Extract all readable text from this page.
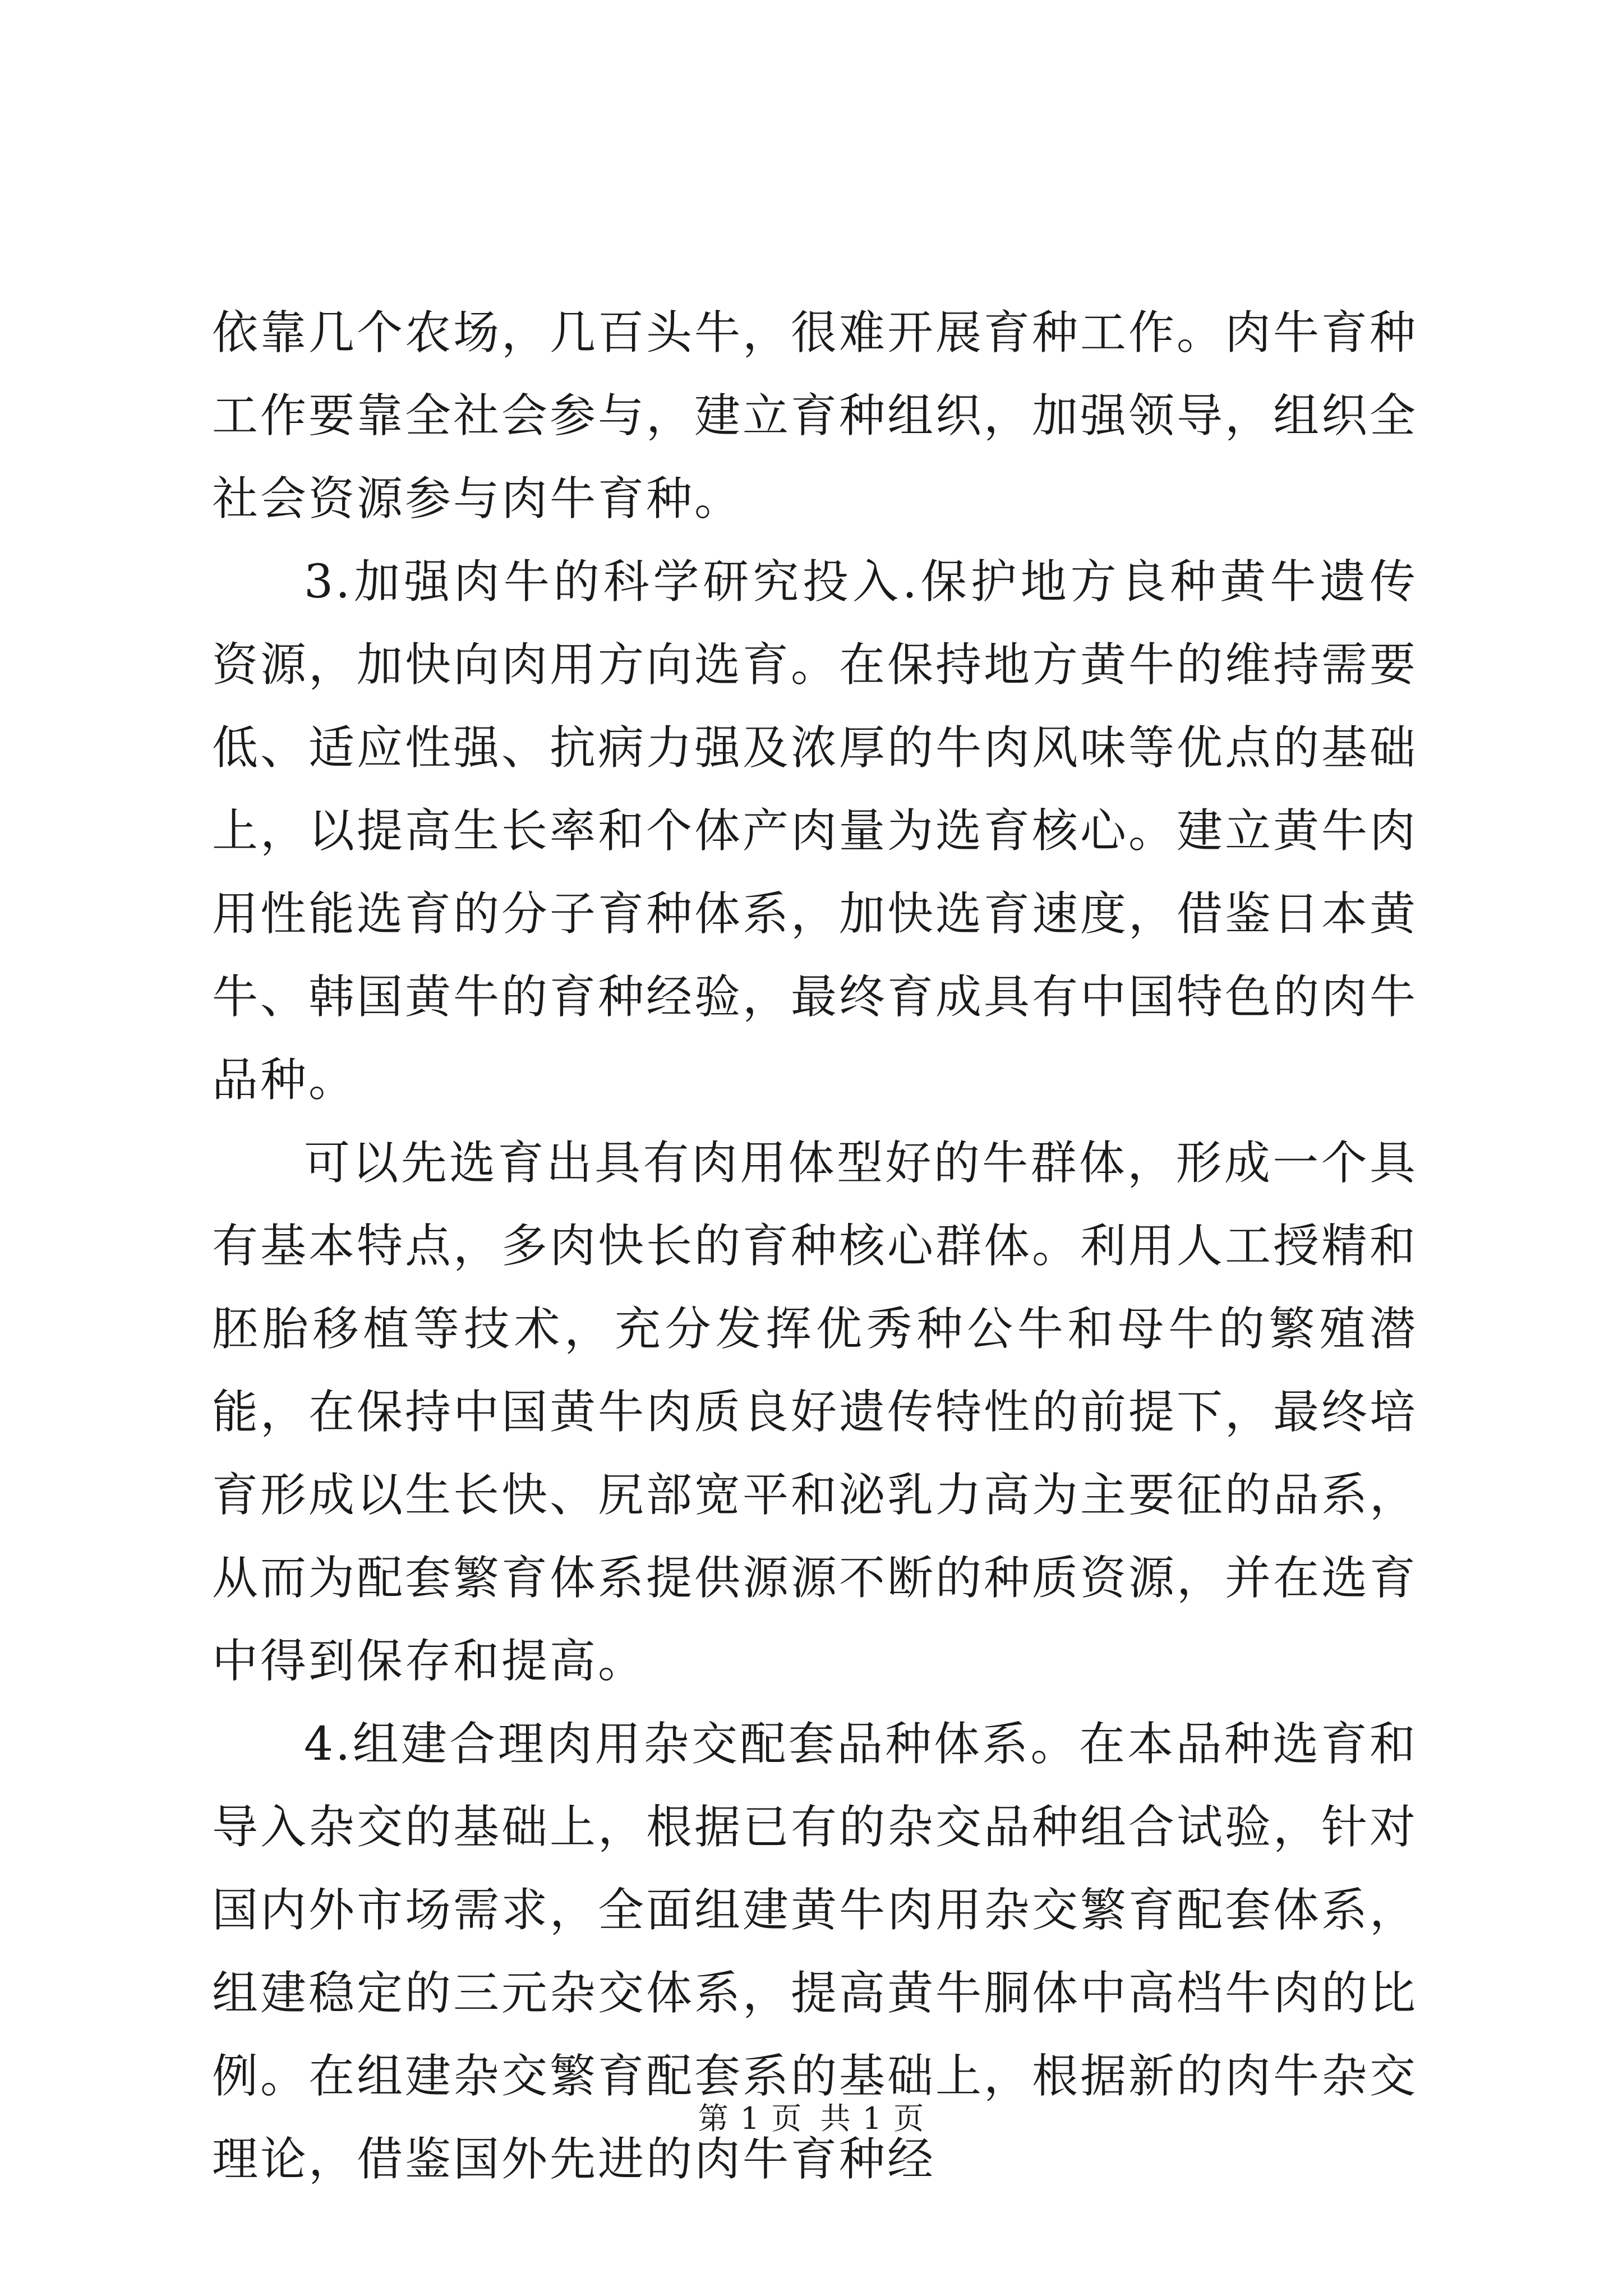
依靠几个农场，几百头牛，很难开展育种工作。肉牛育种工作要靠全社会参与，建立育种组织，加强领导，组织全社会资源参与肉牛育种。

3.加强肉牛的科学研究投入.保护地方良种黄牛遗传资源，加快向肉用方向选育。在保持地方黄牛的维持需要低、适应性强、抗病力强及浓厚的牛肉风味等优点的基础上，以提高生长率和个体产肉量为选育核心。建立黄牛肉用性能选育的分子育种体系，加快选育速度，借鉴日本黄牛、韩国黄牛的育种经验，最终育成具有中国特色的肉牛品种。

可以先选育出具有肉用体型好的牛群体，形成一个具有基本特点，多肉快长的育种核心群体。利用人工授精和胚胎移植等技术，充分发挥优秀种公牛和母牛的繁殖潜能，在保持中国黄牛肉质良好遗传特性的前提下，最终培育形成以生长快、尻部宽平和泌乳力高为主要征的品系，从而为配套繁育体系提供源源不断的种质资源，并在选育中得到保存和提高。

4.组建合理肉用杂交配套品种体系。在本品种选育和导入杂交的基础上，根据已有的杂交品种组合试验，针对国内外市场需求，全面组建黄牛肉用杂交繁育配套体系，组建稳定的三元杂交体系，提高黄牛胴体中高档牛肉的比例。在组建杂交繁育配套系的基础上，根据新的肉牛杂交理论，借鉴国外先进的肉牛育种经

第 1 页 共 1 页
